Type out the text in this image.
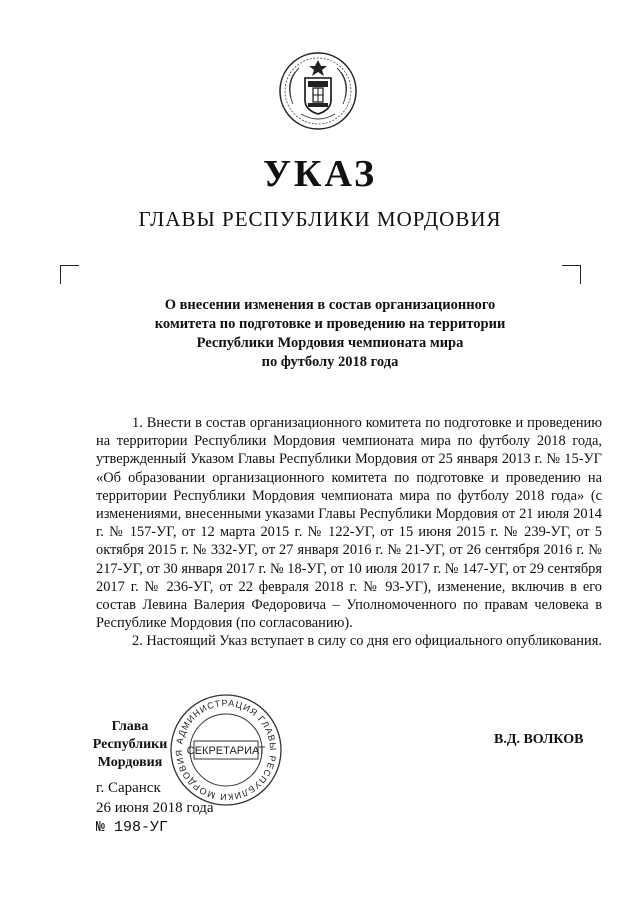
УКАЗ
ГЛАВЫ РЕСПУБЛИКИ МОРДОВИЯ
О внесении изменения в состав организационного
комитета по подготовке и проведению на территории
Республики Мордовия чемпионата мира
по футболу 2018 года

1. Внести в состав организационного комитета по подготовке и проведению на территории Республики Мордовия чемпионата мира по футболу 2018 года, утвержденный Указом Главы Республики Мордовия от 25 января 2013 г. № 15-УГ «Об образовании организационного комитета по подготовке и проведению на территории Республики Мордовия чемпионата мира по футболу 2018 года» (с изменениями, внесенными указами Главы Республики Мордовия от 21 июля 2014 г. № 157-УГ, от 12 марта 2015 г. № 122-УГ, от 15 июня 2015 г. № 239-УГ, от 5 октября 2015 г. № 332-УГ, от 27 января 2016 г. № 21-УГ, от 26 сентября 2016 г. № 217-УГ, от 30 января 2017 г. № 18-УГ, от 10 июля 2017 г. № 147-УГ, от 29 сентября 2017 г. № 236-УГ, от 22 февраля 2018 г. № 93-УГ), изменение, включив в его состав Левина Валерия Федоровича – Уполномоченного по правам человека в Республике Мордовия (по согласованию).

2. Настоящий Указ вступает в силу со дня его официального опубликования.

АДМИНИСТРАЦИЯ ГЛАВЫ РЕСПУБЛИКИ МОРДОВИЯ СЕКРЕТАРИАТ
Глава
Республики Мордовия
В.Д. ВОЛКОВ
г. Саранск
26 июня 2018 года
№ 198-УГ
